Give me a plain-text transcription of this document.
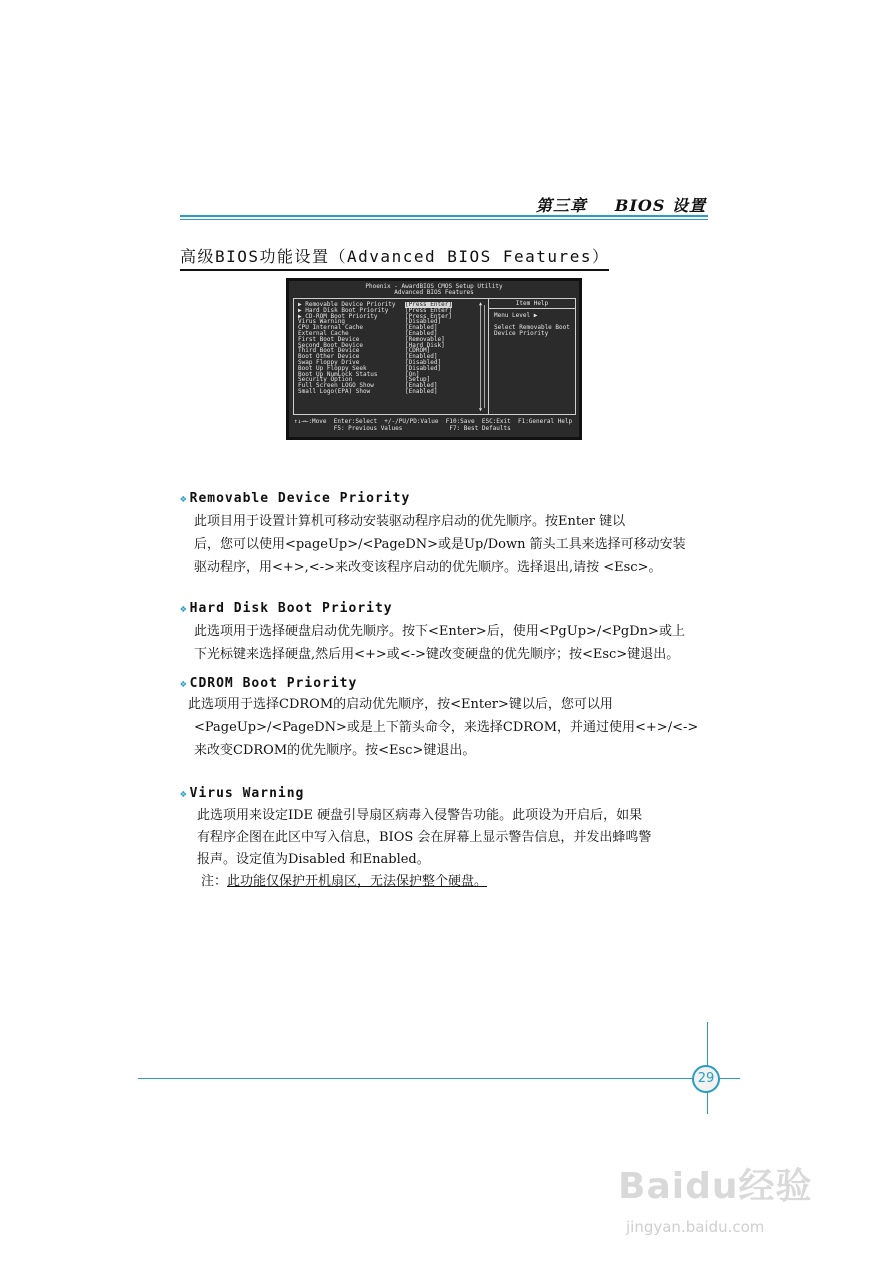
第三章 BIOS 设置
高级BIOS功能设置（Advanced BIOS Features）
Phoenix - AwardBIOS CMOS Setup Utility
Advanced BIOS Features
▶ Removable Device Priority [Press Enter]
▶ Hard Disk Boot Priority	[Press Enter]
▶ CD-ROM Boot Priority	[Press Enter]
Virus Warning	[Disabled]
CPU Internal Cache	[Enabled]
External Cache	[Enabled]
First Boot Device	[Removable]
Second Boot Device	[Hard Disk]
Third Boot Device	[CDROM]
Boot Other Device	[Enabled]
Swap Floppy Drive	[Disabled]
Boot Up Floppy Seek	[Disabled]
Boot Up NumLock Status	[On]
Security Option	[Setup]
Full Screen LOGO Show	[Enabled]
Small Logo(EPA) Show	[Enabled]
▲
▼
Item Help
Menu Level ▶
Select Removable Boot Device Priority
↑↓→←:Move  Enter:Select  +/-/PU/PD:Value  F10:Save  ESC:Exit  F1:General Help
F5: Previous Values             F7: Best Defaults
❖ Removable Device Priority
此项目用于设置计算机可移动安装驱动程序启动的优先顺序。按Enter 键以
后，您可以使用<pageUp>/<PageDN>或是Up/Down 箭头工具来选择可移动安装
驱动程序，用<+>,<->来改变该程序启动的优先顺序。选择退出,请按 <Esc>。
❖ Hard Disk Boot Priority
此选项用于选择硬盘启动优先顺序。按下<Enter>后，使用<PgUp>/<PgDn>或上
下光标键来选择硬盘,然后用<+>或<->键改变硬盘的优先顺序；按<Esc>键退出。
❖ CDROM Boot Priority
此选项用于选择CDROM的启动优先顺序，按<Enter>键以后，您可以用
<PageUp>/<PageDN>或是上下箭头命令，来选择CDROM，并通过使用<+>/<->
来改变CDROM的优先顺序。按<Esc>键退出。
❖ Virus Warning
此选项用来设定IDE 硬盘引导扇区病毒入侵警告功能。此项设为开启后，如果
有程序企图在此区中写入信息，BIOS 会在屏幕上显示警告信息，并发出蜂鸣警
报声。设定值为Disabled 和Enabled。
注：此功能仅保护开机扇区，无法保护整个硬盘。
29
Baidu经验
jingyan.baidu.com
